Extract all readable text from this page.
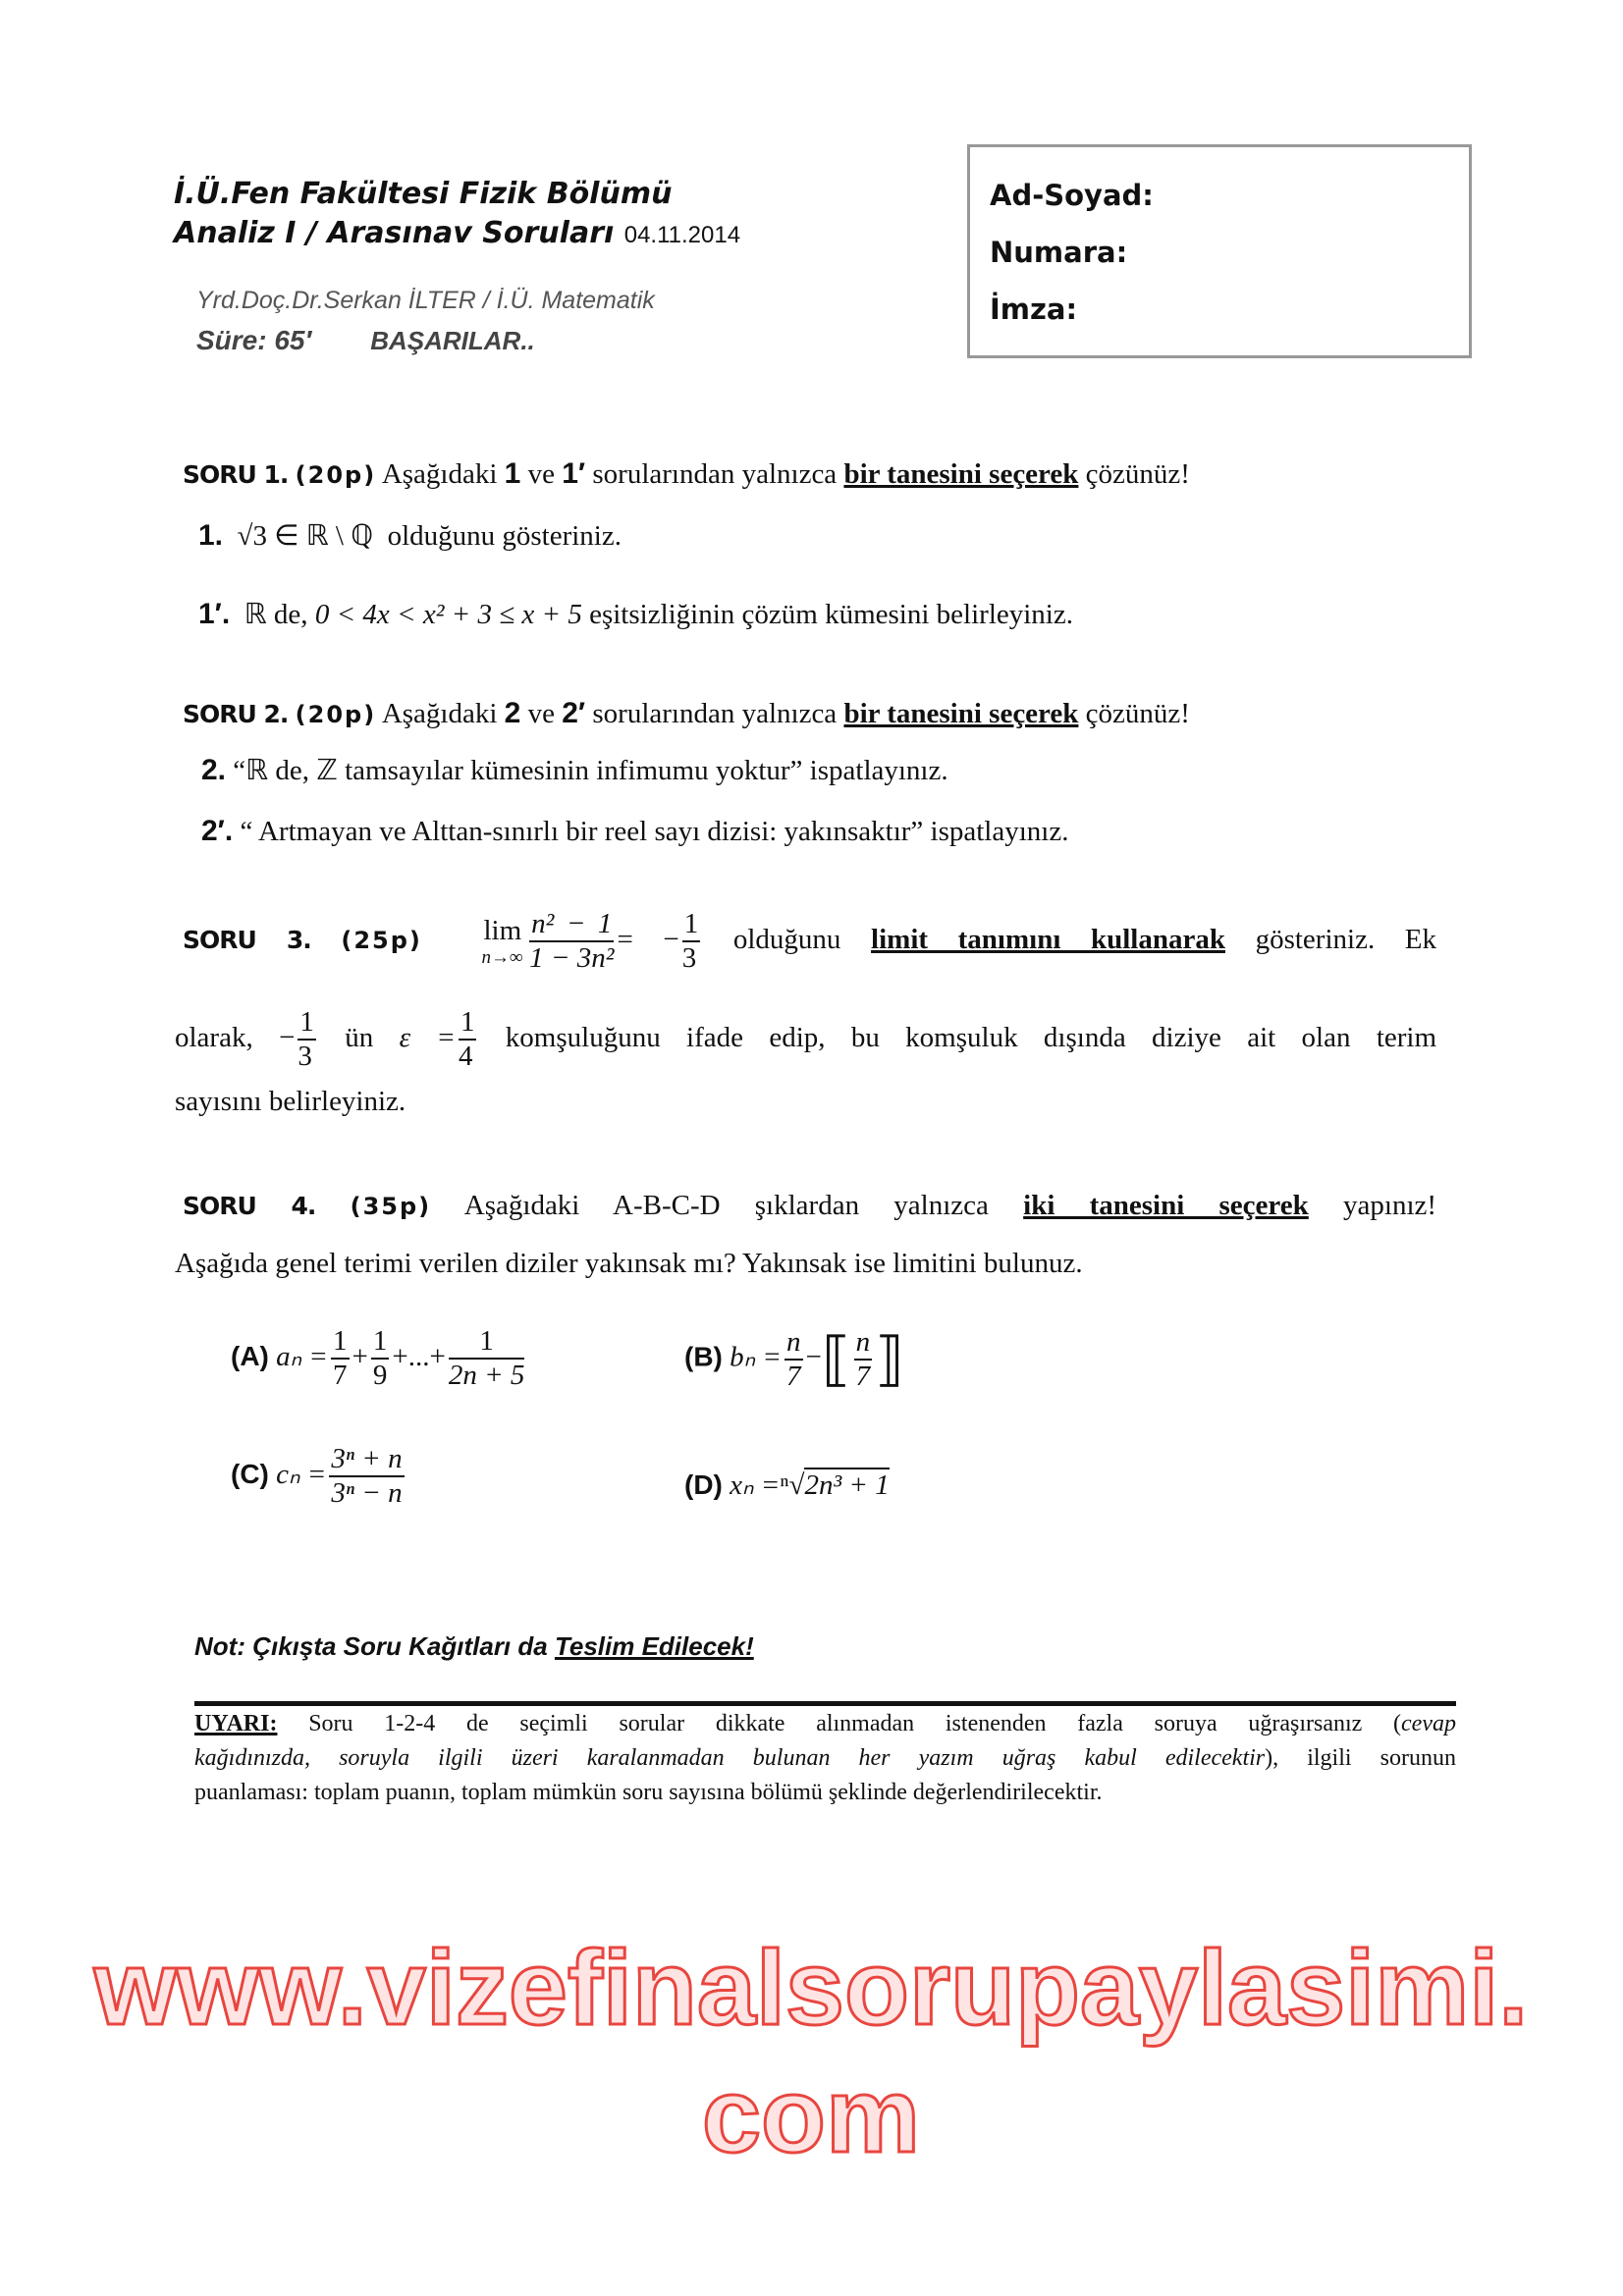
İ.Ü.Fen Fakültesi Fizik Bölümü
Analiz I / Arasınav Soruları 04.11.2014
Yrd.Doç.Dr.Serkan İLTER / İ.Ü. Matematik
Süre: 65′ BAŞARILAR..
Ad-Soyad:
Numara:
İmza:
SORU 1. (20p) Aşağıdaki 1 ve 1′ sorularından yalnızca bir tanesini seçerek çözünüz!
1. √3 ∈ ℝ \ ℚ olduğunu gösteriniz.
1′. ℝ de, 0 < 4x < x² + 3 ≤ x + 5 eşitsizliğinin çözüm kümesini belirleyiniz.
SORU 2. (20p) Aşağıdaki 2 ve 2′ sorularından yalnızca bir tanesini seçerek çözünüz!
2. “ℝ de, ℤ tamsayılar kümesinin infimumu yoktur” ispatlayınız.
2′. “ Artmayan ve Alttan-sınırlı bir reel sayı dizisi: yakınsaktır” ispatlayınız.
SORU 3. (25p) lim
$n\to\infty \frac{\text{n² − 1}}{\text{1 − 3n²}}$ = − $\frac{1}{3}$ olduğunu limit tanımını kullanarak gösteriniz. Ek
olarak, − $\frac{1}{3}$ ün $\varepsilon = \frac{1}{4}$ komşuluğunu ifade edip, bu komşuluk dışında diziye ait olan terim
sayısını belirleyiniz.
SORU 4. (35p) Aşağıdaki A-B-C-D şıklardan yalnızca iki tanesini seçerek yapınız!
Aşağıda genel terimi verilen diziler yakınsak mı? Yakınsak ise limitini bulunuz.
(A) $a_n = \frac{1}{7} + \frac{1}{9}$ +...+ $\frac{1}{2n + 5}$	(B) $b_n = \frac{n}{7}$ −⟦ $\frac{n}{7}$ ⟧
(C) $c_n = \frac{\text{3ⁿ + n}}{\text{3ⁿ − n}}$	(D) xₙ =ⁿ√2n³ + 1
Not: Çıkışta Soru Kağıtları da Teslim Edilecek!
UYARI: Soru 1-2-4 de seçimli sorular dikkate alınmadan istenenden fazla soruya uğraşırsanız (cevap
kağıdınızda, soruyla ilgili üzeri karalanmadan bulunan her yazım uğraş kabul edilecektir), ilgili sorunun
puanlaması: toplam puanın, toplam mümkün soru sayısına bölümü şeklinde değerlendirilecektir.
www.vizefinalsorupaylasimi.com
